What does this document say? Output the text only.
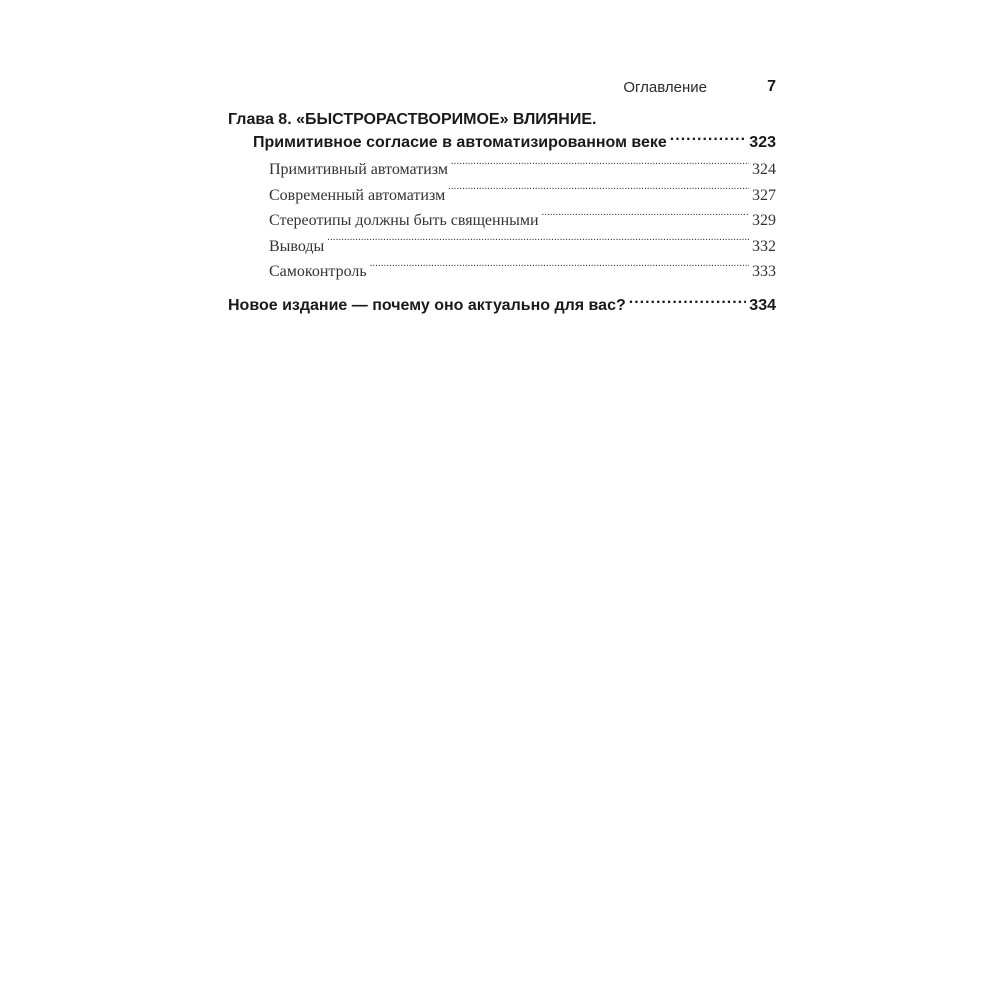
Оглавление	7
Глава 8. «БЫСТРОРАСТВОРИМОЕ» ВЛИЯНИЕ.
Примитивное согласие в автоматизированном веке .....	323
Примитивный автоматизм .....	324
Современный автоматизм .....	327
Стереотипы должны быть священными .....	329
Выводы .....	332
Самоконтроль .....	333
Новое издание — почему оно актуально для вас? .....	334
